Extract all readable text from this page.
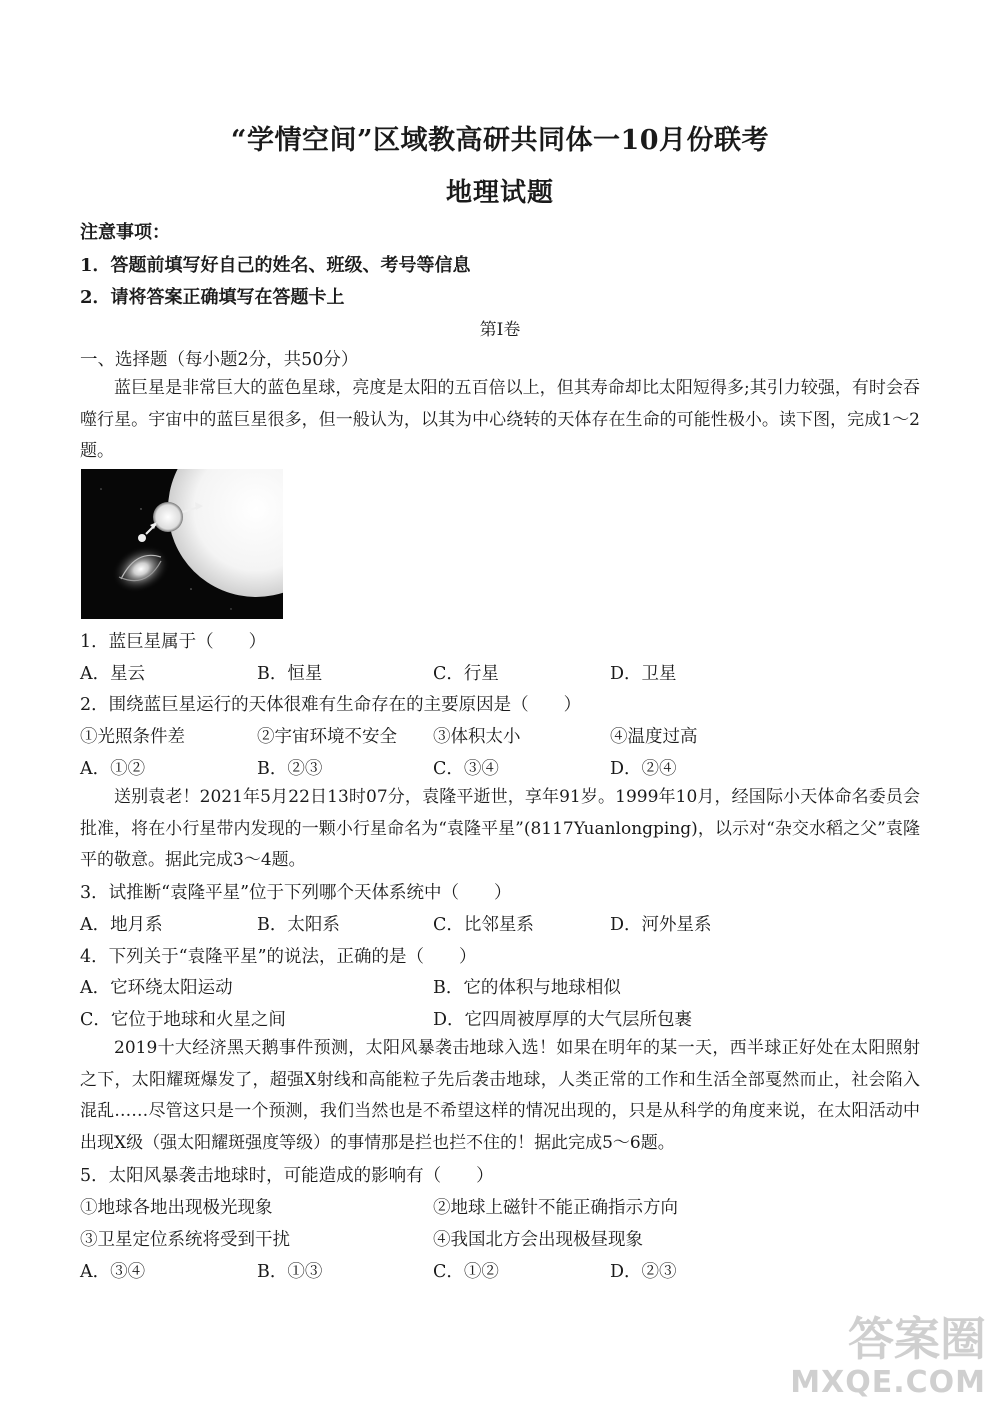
“学情空间”区域教高研共同体一10月份联考
地理试题
注意事项：
1．答题前填写好自己的姓名、班级、考号等信息
2．请将答案正确填写在答题卡上
第I卷
一、选择题（每小题2分，共50分）

蓝巨星是非常巨大的蓝色星球，亮度是太阳的五百倍以上，但其寿命却比太阳短得多;其引力较强，有时会吞噬行星。宇宙中的蓝巨星很多，但一般认为，以其为中心绕转的天体存在生命的可能性极小。读下图，完成1～2题。

1．蓝巨星属于（　　）
A．星云	B．恒星	C．行星	D．卫星
2．围绕蓝巨星运行的天体很难有生命存在的主要原因是（　　）
①光照条件差	②宇宙环境不安全 ③体积太小	④温度过高
A．①②	B．②③	C．③④	D．②④

送别袁老！2021年5月22日13时07分，袁隆平逝世，享年91岁。1999年10月，经国际小天体命名委员会批准，将在小行星带内发现的一颗小行星命名为“袁隆平星”(8117Yuanlongping)，以示对“杂交水稻之父”袁隆平的敬意。据此完成3～4题。

3．试推断“袁隆平星”位于下列哪个天体系统中（　　）
A．地月系	B．太阳系	C．比邻星系	D．河外星系
4．下列关于“袁隆平星”的说法，正确的是（　　）
A．它环绕太阳运动	B．它的体积与地球相似
C．它位于地球和火星之间	D．它四周被厚厚的大气层所包裹

2019十大经济黑天鹅事件预测，太阳风暴袭击地球入选！如果在明年的某一天，西半球正好处在太阳照射之下，太阳耀斑爆发了，超强X射线和高能粒子先后袭击地球，人类正常的工作和生活全部戛然而止，社会陷入混乱……尽管这只是一个预测，我们当然也是不希望这样的情况出现的，只是从科学的角度来说，在太阳活动中出现X级（强太阳耀斑强度等级）的事情那是拦也拦不住的！据此完成5～6题。

5．太阳风暴袭击地球时，可能造成的影响有（　　）
①地球各地出现极光现象	②地球上磁针不能正确指示方向
③卫星定位系统将受到干扰	④我国北方会出现极昼现象
A．③④	B．①③	C．①②	D．②③
答案圈
MXQE.COM
